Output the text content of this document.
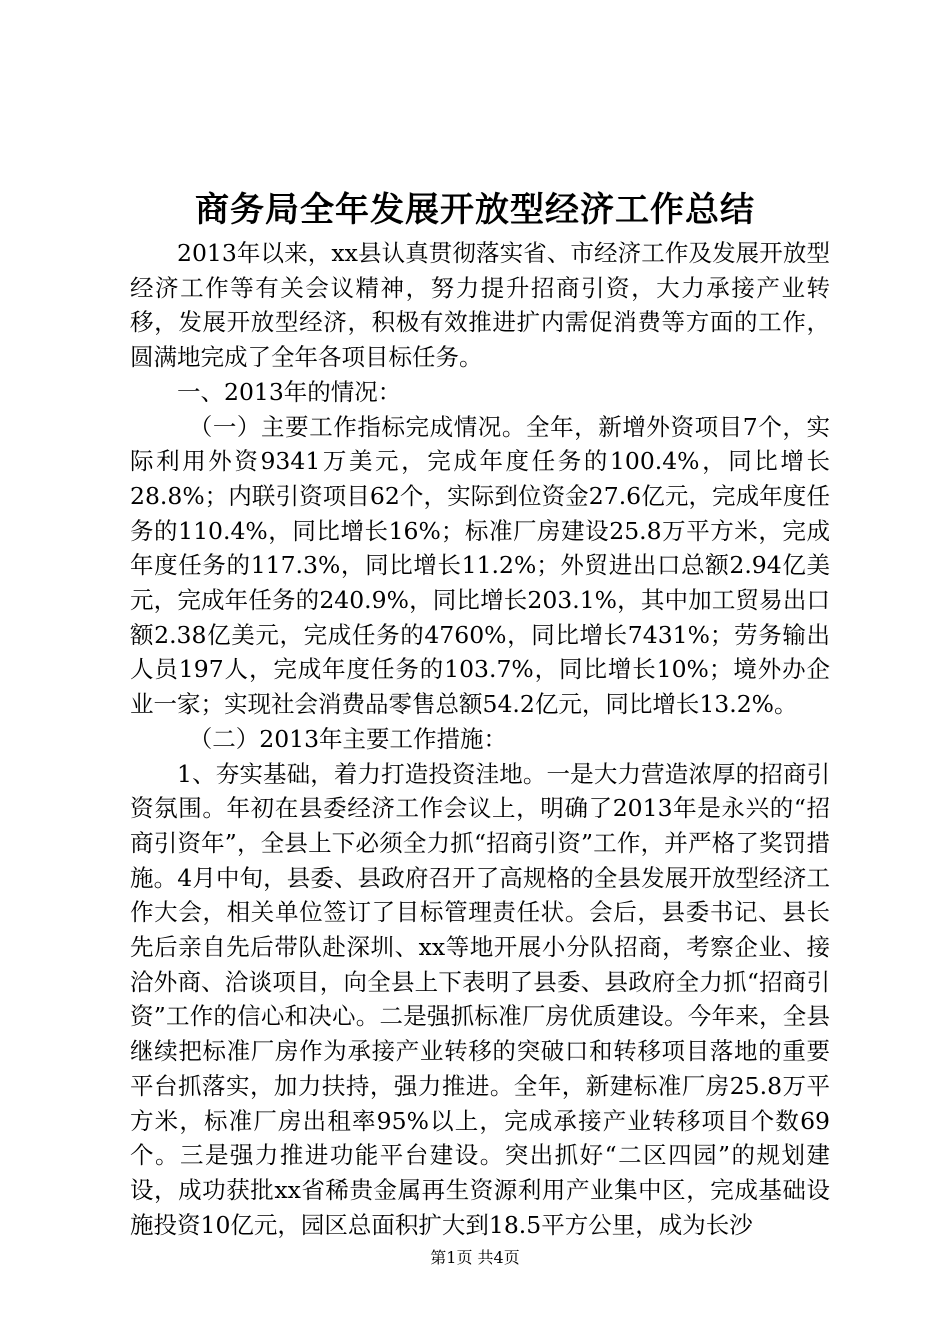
商务局全年发展开放型经济工作总结

2013年以来，xx县认真贯彻落实省、市经济工作及发展开放型经济工作等有关会议精神，努力提升招商引资，大力承接产业转移，发展开放型经济，积极有效推进扩内需促消费等方面的工作，圆满地完成了全年各项目标任务。

一、2013年的情况：

（一）主要工作指标完成情况。全年，新增外资项目7个，实际利用外资9341万美元，完成年度任务的100.4%，同比增长28.8%；内联引资项目62个，实际到位资金27.6亿元，完成年度任务的110.4%，同比增长16%；标准厂房建设25.8万平方米，完成年度任务的117.3%，同比增长11.2%；外贸进出口总额2.94亿美元，完成年任务的240.9%，同比增长203.1%，其中加工贸易出口额2.38亿美元，完成任务的4760%，同比增长7431%；劳务输出人员197人，完成年度任务的103.7%，同比增长10%；境外办企业一家；实现社会消费品零售总额54.2亿元，同比增长13.2%。

（二）2013年主要工作措施：

1、夯实基础，着力打造投资洼地。一是大力营造浓厚的招商引资氛围。年初在县委经济工作会议上，明确了2013年是永兴的“招商引资年”，全县上下必须全力抓“招商引资”工作，并严格了奖罚措施。4月中旬，县委、县政府召开了高规格的全县发展开放型经济工作大会，相关单位签订了目标管理责任状。会后，县委书记、县长先后亲自先后带队赴深圳、xx等地开展小分队招商，考察企业、接洽外商、洽谈项目，向全县上下表明了县委、县政府全力抓“招商引资”工作的信心和决心。二是强抓标准厂房优质建设。今年来，全县继续把标准厂房作为承接产业转移的突破口和转移项目落地的重要平台抓落实，加力扶持，强力推进。全年，新建标准厂房25.8万平方米，标准厂房出租率95%以上，完成承接产业转移项目个数69个。三是强力推进功能平台建设。突出抓好“二区四园”的规划建设，成功获批xx省稀贵金属再生资源利用产业集中区，完成基础设施投资10亿元，园区总面积扩大到18.5平方公里，成为长沙

第1页 共4页
